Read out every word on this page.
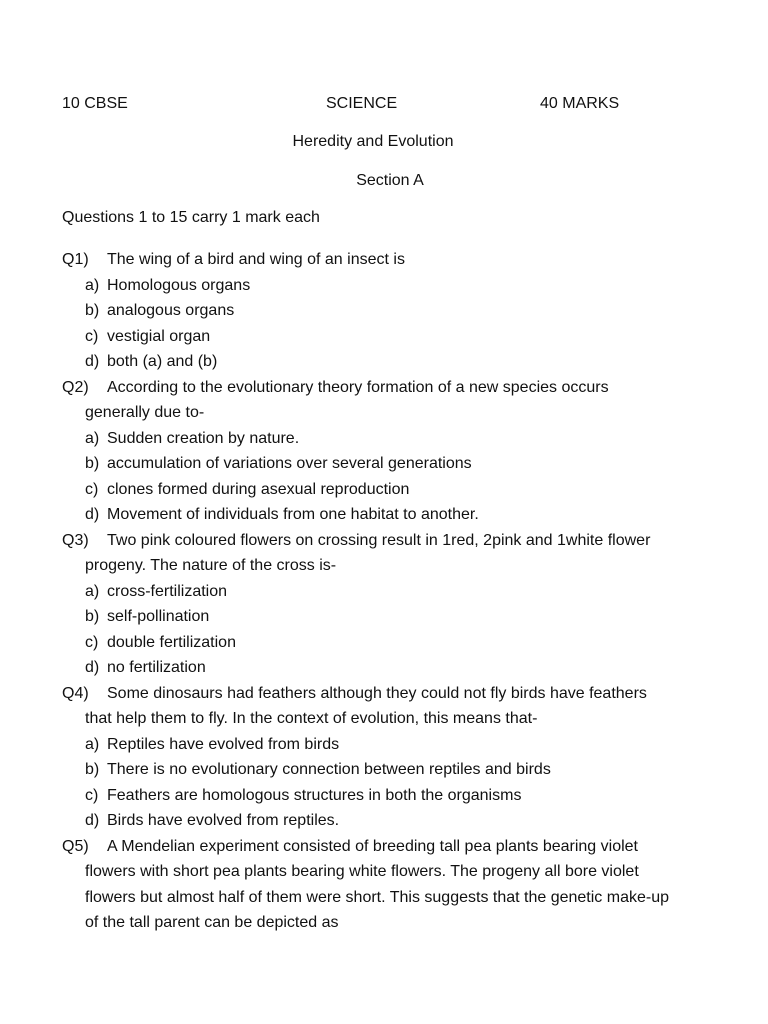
10 CBSE	SCIENCE	40 MARKS
Heredity and Evolution
Section A
Questions 1 to 15 carry 1 mark each
Q1)	The wing of a bird and wing of an insect is
a) Homologous organs
b) analogous organs
c) vestigial organ
d) both (a) and (b)
Q2)	According to the evolutionary theory formation of a new species occurs
generally due to-
a) Sudden creation by nature.
b) accumulation of variations over several generations
c) clones formed during asexual reproduction
d) Movement of individuals from one habitat to another.
Q3)	Two pink coloured flowers on crossing result in 1red, 2pink and 1white flower
progeny. The nature of the cross is-
a) cross-fertilization
b) self-pollination
c) double fertilization
d) no fertilization
Q4)	Some dinosaurs had feathers although they could not fly birds have feathers
that help them to fly. In the context of evolution, this means that-
a) Reptiles have evolved from birds
b) There is no evolutionary connection between reptiles and birds
c) Feathers are homologous structures in both the organisms
d) Birds have evolved from reptiles.
Q5)	A Mendelian experiment consisted of breeding tall pea plants bearing violet
flowers with short pea plants bearing white flowers. The progeny all bore violet
flowers but almost half of them were short. This suggests that the genetic make-up
of the tall parent can be depicted as
